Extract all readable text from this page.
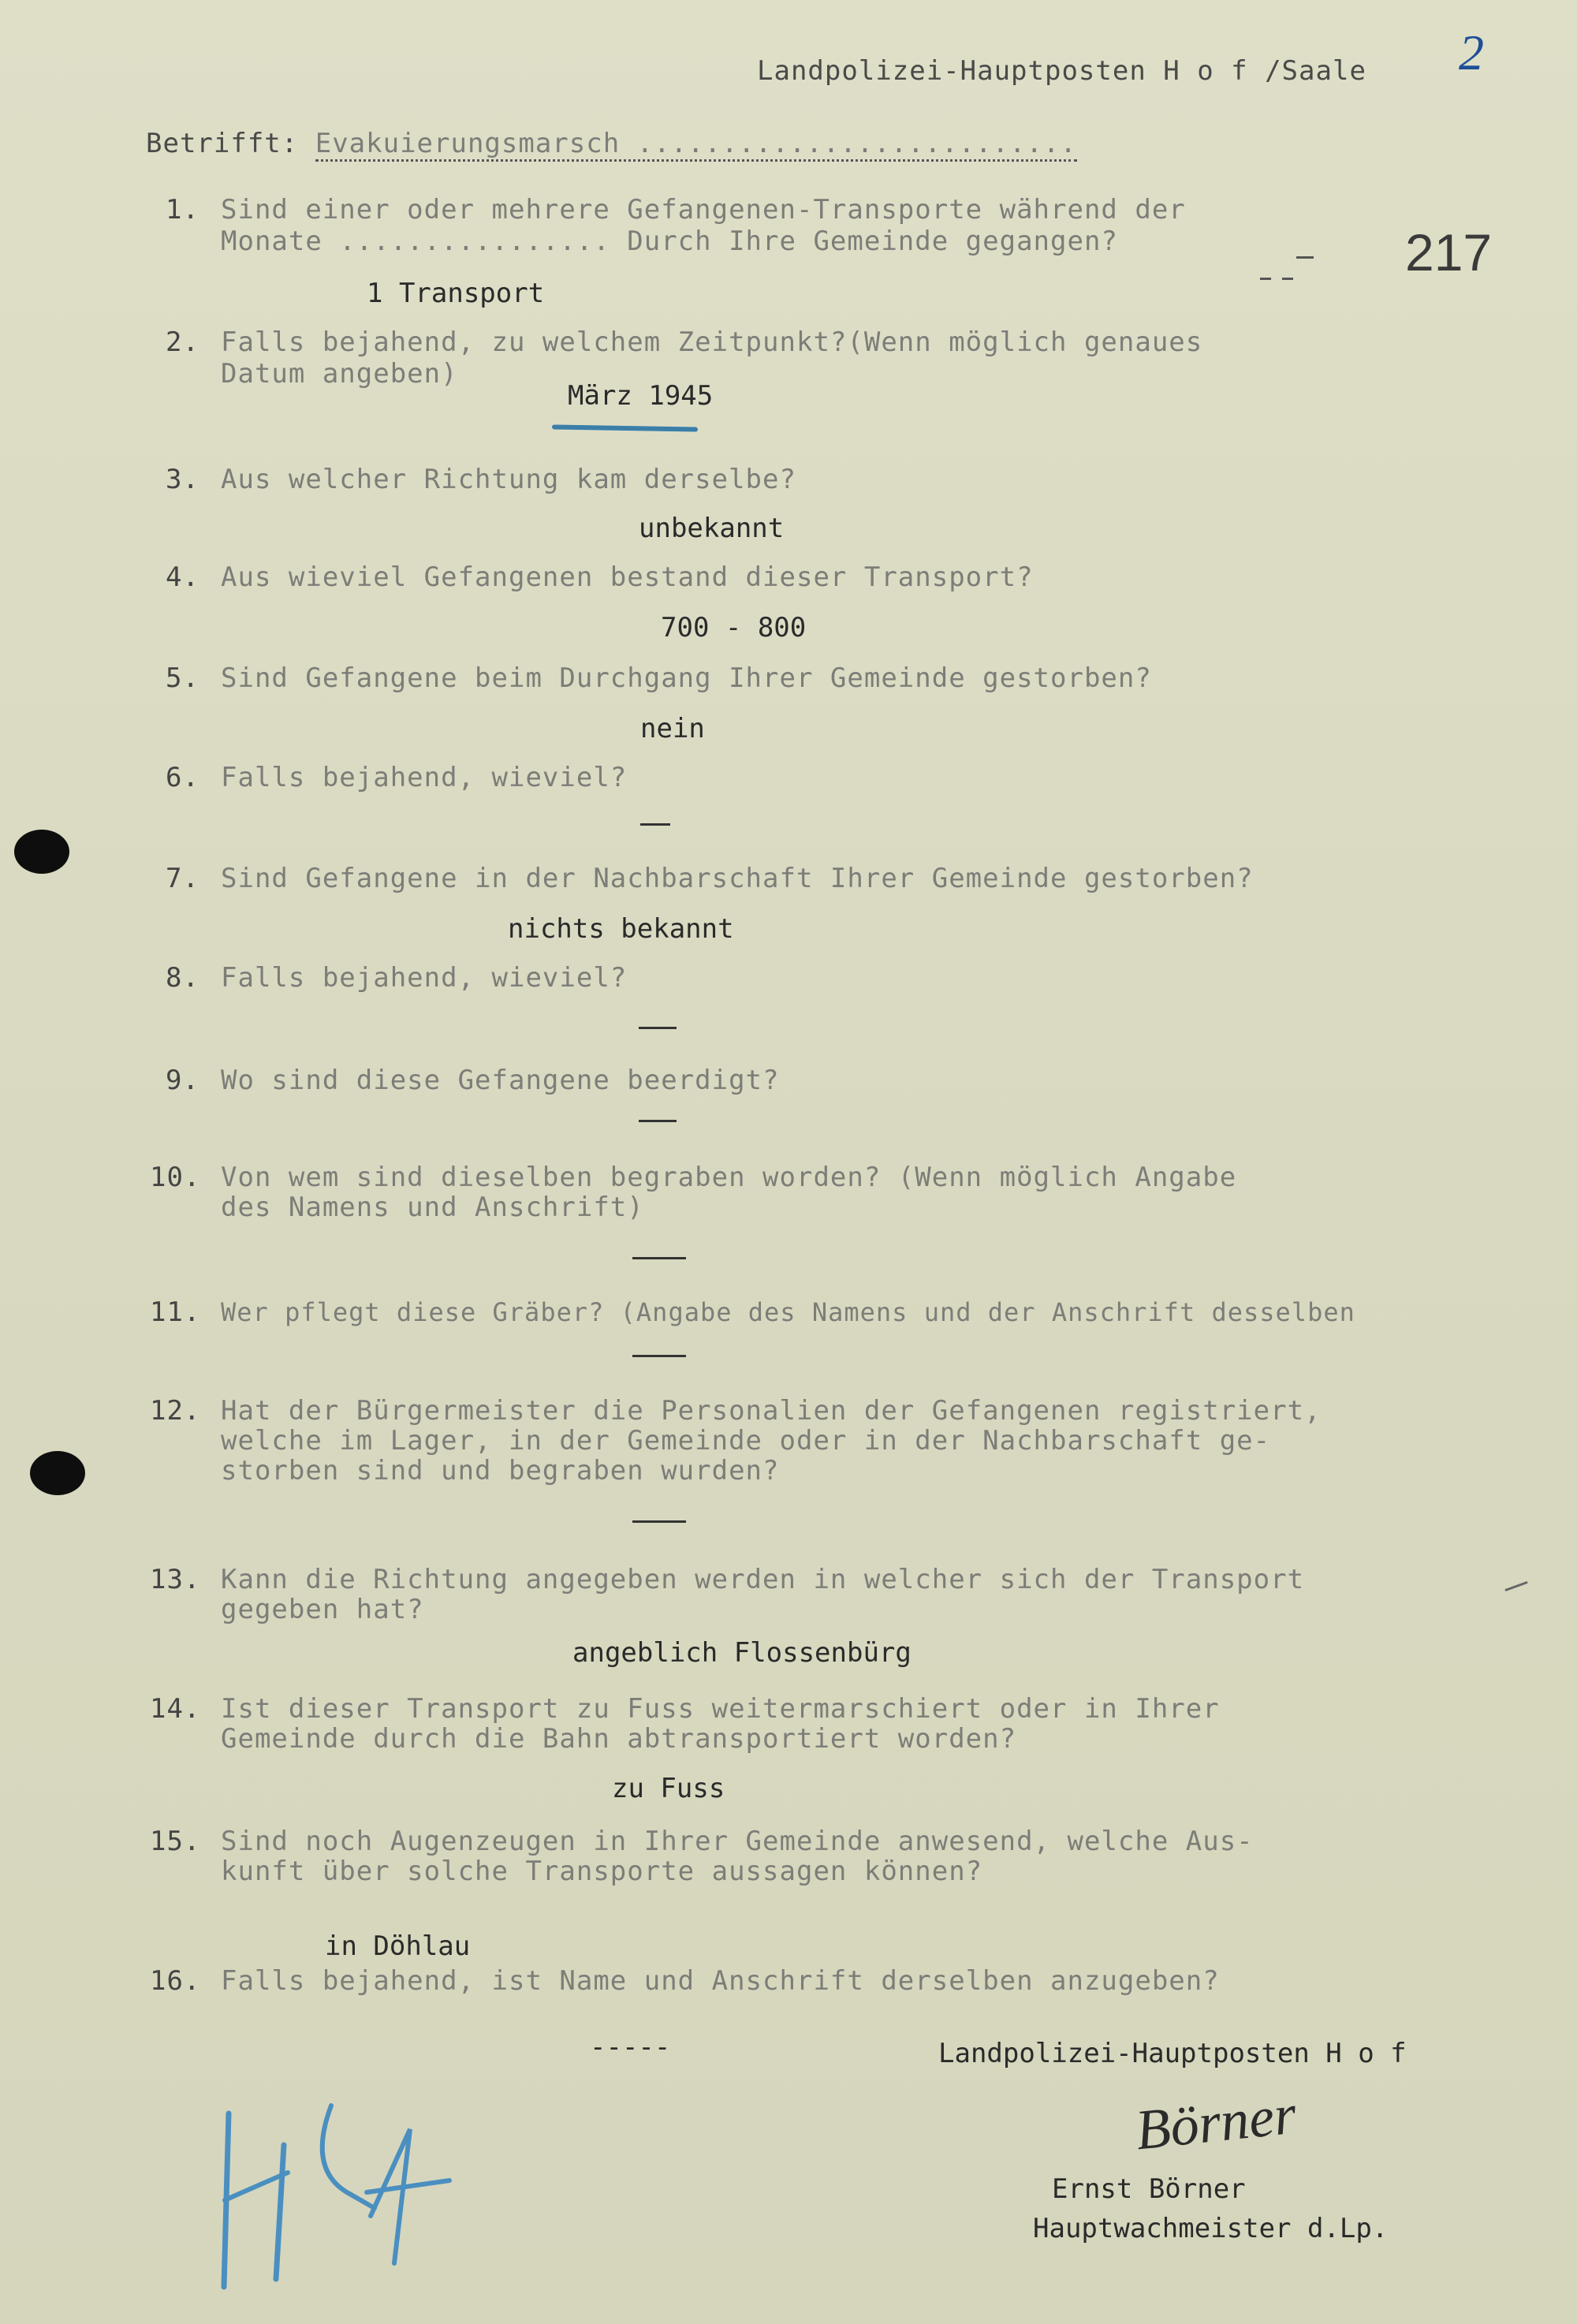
Landpolizei-Hauptposten H o f /Saale 2
217
Betrifft: Evakuierungsmarsch ..........................
1. Sind einer oder mehrere Gefangenen-Transporte während der
Monate ................ Durch Ihre Gemeinde gegangen?
1 Transport
2. Falls bejahend, zu welchem Zeitpunkt?(Wenn möglich genaues
Datum angeben)
März 1945
3. Aus welcher Richtung kam derselbe?
unbekannt
4. Aus wieviel Gefangenen bestand dieser Transport?
700 - 800
5. Sind Gefangene beim Durchgang Ihrer Gemeinde gestorben?
nein
6. Falls bejahend, wieviel?
7. Sind Gefangene in der Nachbarschaft Ihrer Gemeinde gestorben?
nichts bekannt
8. Falls bejahend, wieviel?
9. Wo sind diese Gefangene beerdigt?
10. Von wem sind dieselben begraben worden? (Wenn möglich Angabe
des Namens und Anschrift)
11. Wer pflegt diese Gräber? (Angabe des Namens und der Anschrift desselben
12. Hat der Bürgermeister die Personalien der Gefangenen registriert,
welche im Lager, in der Gemeinde oder in der Nachbarschaft ge-
storben sind und begraben wurden?
13. Kann die Richtung angegeben werden in welcher sich der Transport
gegeben hat?
angeblich Flossenbürg
14. Ist dieser Transport zu Fuss weitermarschiert oder in Ihrer
Gemeinde durch die Bahn abtransportiert worden?
zu Fuss
15. Sind noch Augenzeugen in Ihrer Gemeinde anwesend, welche Aus-
kunft über solche Transporte aussagen können?
in Döhlau
16. Falls bejahend, ist Name und Anschrift derselben anzugeben?
-----	Landpolizei-Hauptposten H o f
Börner
Ernst Börner
Hauptwachmeister d.Lp.
